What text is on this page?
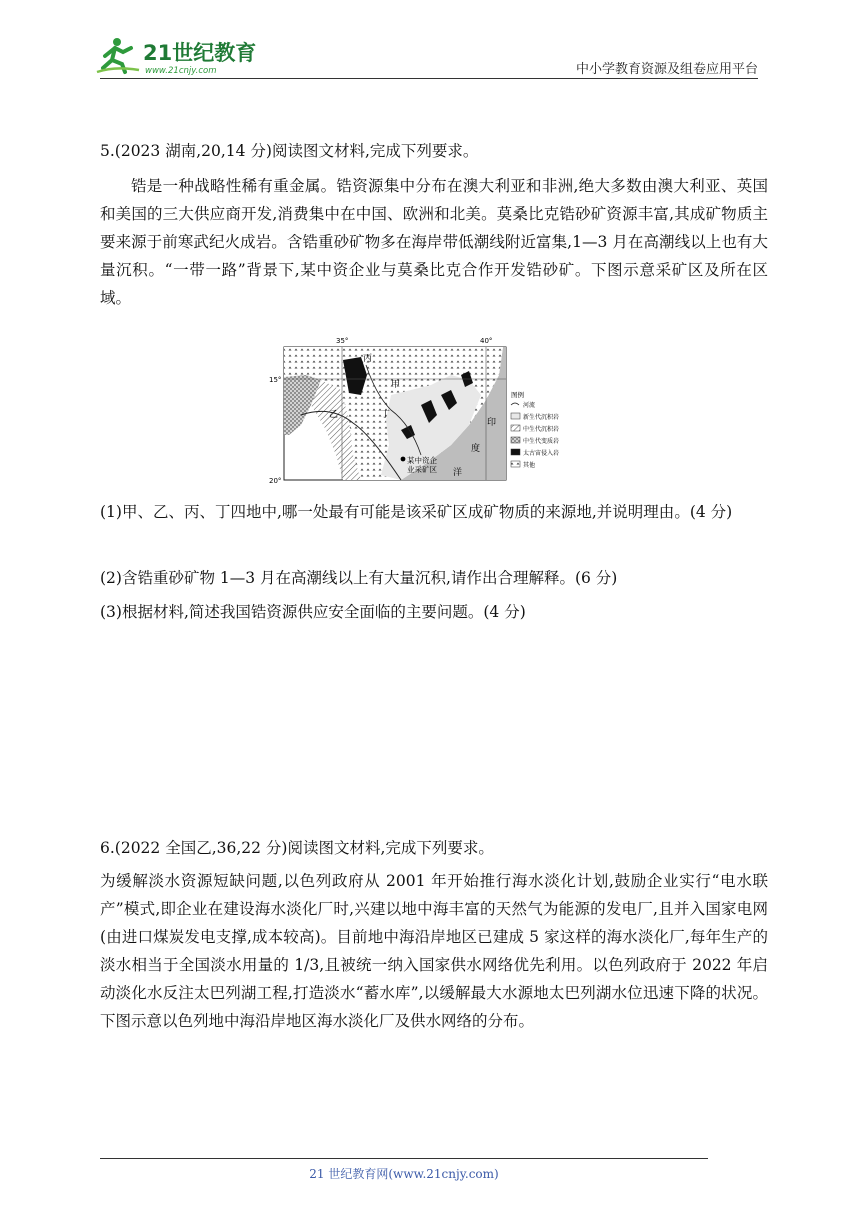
21世纪教育
www.21cnjy.com	中小学教育资源及组卷应用平台

5.(2023 湖南,20,14 分)阅读图文材料,完成下列要求。

锆是一种战略性稀有重金属。锆资源集中分布在澳大利亚和非洲,绝大多数由澳大利亚、英国和美国的三大供应商开发,消费集中在中国、欧洲和北美。莫桑比克锆砂矿资源丰富,其成矿物质主要来源于前寒武纪火成岩。含锆重砂矿物多在海岸带低潮线附近富集,1—3 月在高潮线以上也有大量沉积。“一带一路”背景下,某中资企业与莫桑比克合作开发锆砂矿。下图示意采矿区及所在区域。

35°	40°
15°
20°
丙
甲
乙	丁
某中资企
业采矿区
印
度
洋
图例
河流
新生代沉积岩
中生代沉积岩
中生代变质岩
太古宙侵入岩
其他

(1)甲、乙、丙、丁四地中,哪一处最有可能是该采矿区成矿物质的来源地,并说明理由。(4 分)

(2)含锆重砂矿物 1—3 月在高潮线以上有大量沉积,请作出合理解释。(6 分)

(3)根据材料,简述我国锆资源供应安全面临的主要问题。(4 分)

6.(2022 全国乙,36,22 分)阅读图文材料,完成下列要求。

为缓解淡水资源短缺问题,以色列政府从 2001 年开始推行海水淡化计划,鼓励企业实行“电水联产”模式,即企业在建设海水淡化厂时,兴建以地中海丰富的天然气为能源的发电厂,且并入国家电网(由进口煤炭发电支撑,成本较高)。目前地中海沿岸地区已建成 5 家这样的海水淡化厂,每年生产的淡水相当于全国淡水用量的 1/3,且被统一纳入国家供水网络优先利用。以色列政府于 2022 年启动淡化水反注太巴列湖工程,打造淡水“蓄水库”,以缓解最大水源地太巴列湖水位迅速下降的状况。下图示意以色列地中海沿岸地区海水淡化厂及供水网络的分布。

21 世纪教育网(www.21cnjy.com)
